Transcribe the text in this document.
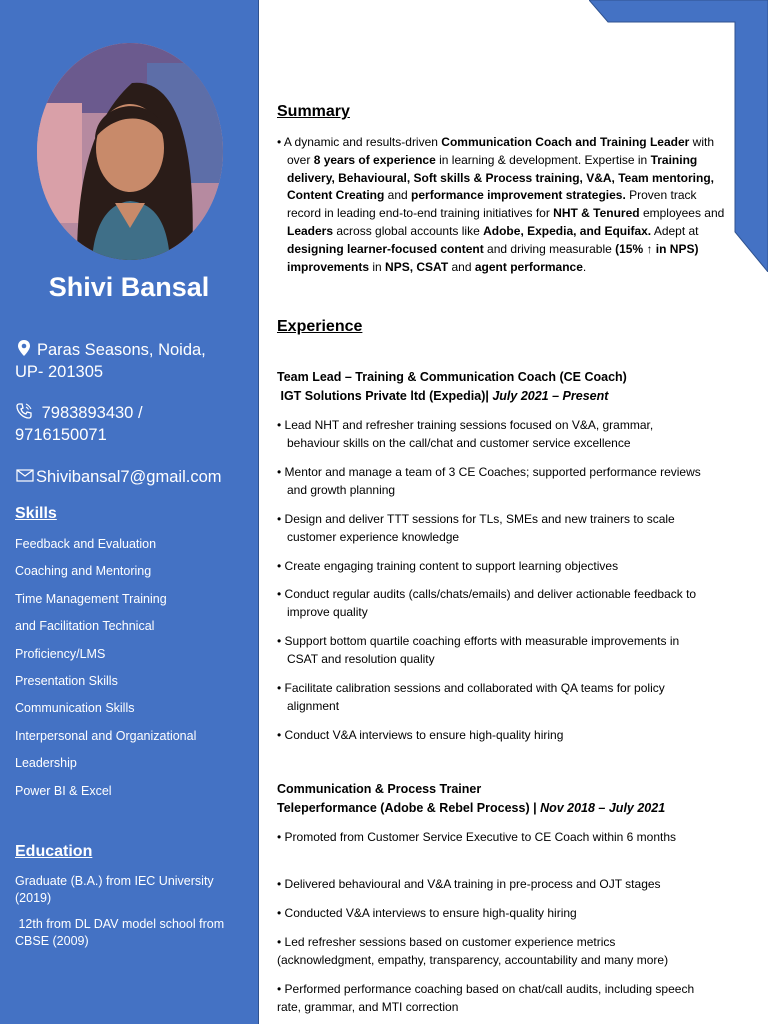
Shivi Bansal
Paras Seasons, Noida,
UP- 201305
7983893430 /
9716150071
Shivibansal7@gmail.com
Skills
Feedback and Evaluation
Coaching and Mentoring
Time Management Training
and Facilitation Technical
Proficiency/LMS
Presentation Skills
Communication Skills
Interpersonal and Organizational
Leadership
Power BI & Excel
Education
Graduate (B.A.) from IEC University
(2019)
12th from DL DAV model school from
CBSE (2009)
Summary
• A dynamic and results-driven Communication Coach and Training Leader with over 8 years of experience in learning & development. Expertise in Training delivery, Behavioural, Soft skills & Process training, V&A, Team mentoring, Content Creating and performance improvement strategies. Proven track record in leading end-to-end training initiatives for NHT & Tenured employees and Leaders across global accounts like Adobe, Expedia, and Equifax. Adept at designing learner-focused content and driving measurable (15% ↑ in NPS) improvements in NPS, CSAT and agent performance.
Experience
Team Lead – Training & Communication Coach (CE Coach)
IGT Solutions Private ltd (Expedia)| July 2021 – Present
• Lead NHT and refresher training sessions focused on V&A, grammar, behaviour skills on the call/chat and customer service excellence
• Mentor and manage a team of 3 CE Coaches; supported performance reviews and growth planning
• Design and deliver TTT sessions for TLs, SMEs and new trainers to scale customer experience knowledge
• Create engaging training content to support learning objectives
• Conduct regular audits (calls/chats/emails) and deliver actionable feedback to improve quality
• Support bottom quartile coaching efforts with measurable improvements in CSAT and resolution quality
• Facilitate calibration sessions and collaborated with QA teams for policy alignment
• Conduct V&A interviews to ensure high-quality hiring
Communication & Process Trainer
Teleperformance (Adobe & Rebel Process) | Nov 2018 – July 2021
• Promoted from Customer Service Executive to CE Coach within 6 months
• Delivered behavioural and V&A training in pre-process and OJT stages
• Conducted V&A interviews to ensure high-quality hiring
• Led refresher sessions based on customer experience metrics (acknowledgment, empathy, transparency, accountability and many more)
• Performed performance coaching based on chat/call audits, including speech rate, grammar, and MTI correction
